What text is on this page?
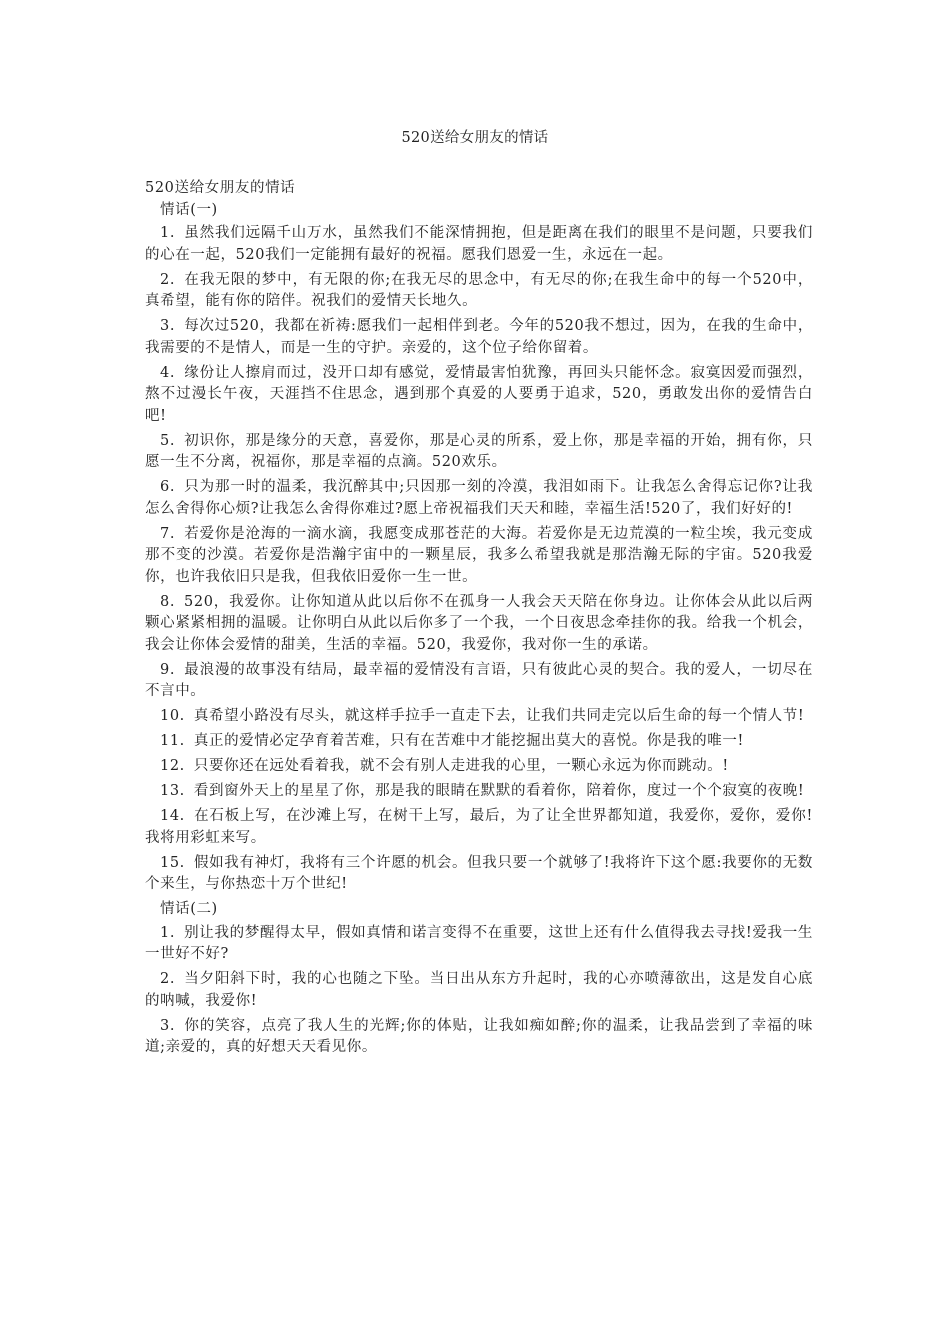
520送给女朋友的情话

520送给女朋友的情话

情话(一)

1. 虽然我们远隔千山万水，虽然我们不能深情拥抱，但是距离在我们的眼里不是问题，只要我们的心在一起，520我们一定能拥有最好的祝福。愿我们恩爱一生，永远在一起。

2. 在我无限的梦中，有无限的你;在我无尽的思念中，有无尽的你;在我生命中的每一个520中，真希望，能有你的陪伴。祝我们的爱情天长地久。

3. 每次过520，我都在祈祷:愿我们一起相伴到老。今年的520我不想过，因为，在我的生命中，我需要的不是情人，而是一生的守护。亲爱的，这个位子给你留着。

4. 缘份让人擦肩而过，没开口却有感觉，爱情最害怕犹豫，再回头只能怀念。寂寞因爱而强烈，熬不过漫长午夜，天涯挡不住思念，遇到那个真爱的人要勇于追求，520，勇敢发出你的爱情告白吧!

5. 初识你，那是缘分的天意，喜爱你，那是心灵的所系，爱上你，那是幸福的开始，拥有你，只愿一生不分离，祝福你，那是幸福的点滴。520欢乐。

6. 只为那一时的温柔，我沉醉其中;只因那一刻的冷漠，我泪如雨下。让我怎么舍得忘记你?让我怎么舍得你心烦?让我怎么舍得你难过?愿上帝祝福我们天天和睦，幸福生活!520了，我们好好的!

7. 若爱你是沧海的一滴水滴，我愿变成那苍茫的大海。若爱你是无边荒漠的一粒尘埃，我元变成那不变的沙漠。若爱你是浩瀚宇宙中的一颗星辰，我多么希望我就是那浩瀚无际的宇宙。520我爱你，也许我依旧只是我，但我依旧爱你一生一世。

8. 520，我爱你。让你知道从此以后你不在孤身一人我会天天陪在你身边。让你体会从此以后两颗心紧紧相拥的温暖。让你明白从此以后你多了一个我，一个日夜思念牵挂你的我。给我一个机会，我会让你体会爱情的甜美，生活的幸福。520，我爱你，我对你一生的承诺。

9. 最浪漫的故事没有结局，最幸福的爱情没有言语，只有彼此心灵的契合。我的爱人，一切尽在不言中。

10. 真希望小路没有尽头，就这样手拉手一直走下去，让我们共同走完以后生命的每一个情人节!

11. 真正的爱情必定孕育着苦难，只有在苦难中才能挖掘出莫大的喜悦。你是我的唯一!

12. 只要你还在远处看着我，就不会有别人走进我的心里，一颗心永远为你而跳动。!

13. 看到窗外天上的星星了你，那是我的眼睛在默默的看着你，陪着你，度过一个个寂寞的夜晚!

14. 在石板上写，在沙滩上写，在树干上写，最后，为了让全世界都知道，我爱你，爱你，爱你!我将用彩虹来写。

15. 假如我有神灯，我将有三个许愿的机会。但我只要一个就够了!我将许下这个愿:我要你的无数个来生，与你热恋十万个世纪!

情话(二)

1. 别让我的梦醒得太早，假如真情和诺言变得不在重要，这世上还有什么值得我去寻找!爱我一生一世好不好?

2. 当夕阳斜下时，我的心也随之下坠。当日出从东方升起时，我的心亦喷薄欲出，这是发自心底的呐喊，我爱你!

3. 你的笑容，点亮了我人生的光辉;你的体贴，让我如痴如醉;你的温柔，让我品尝到了幸福的味道;亲爱的，真的好想天天看见你。
